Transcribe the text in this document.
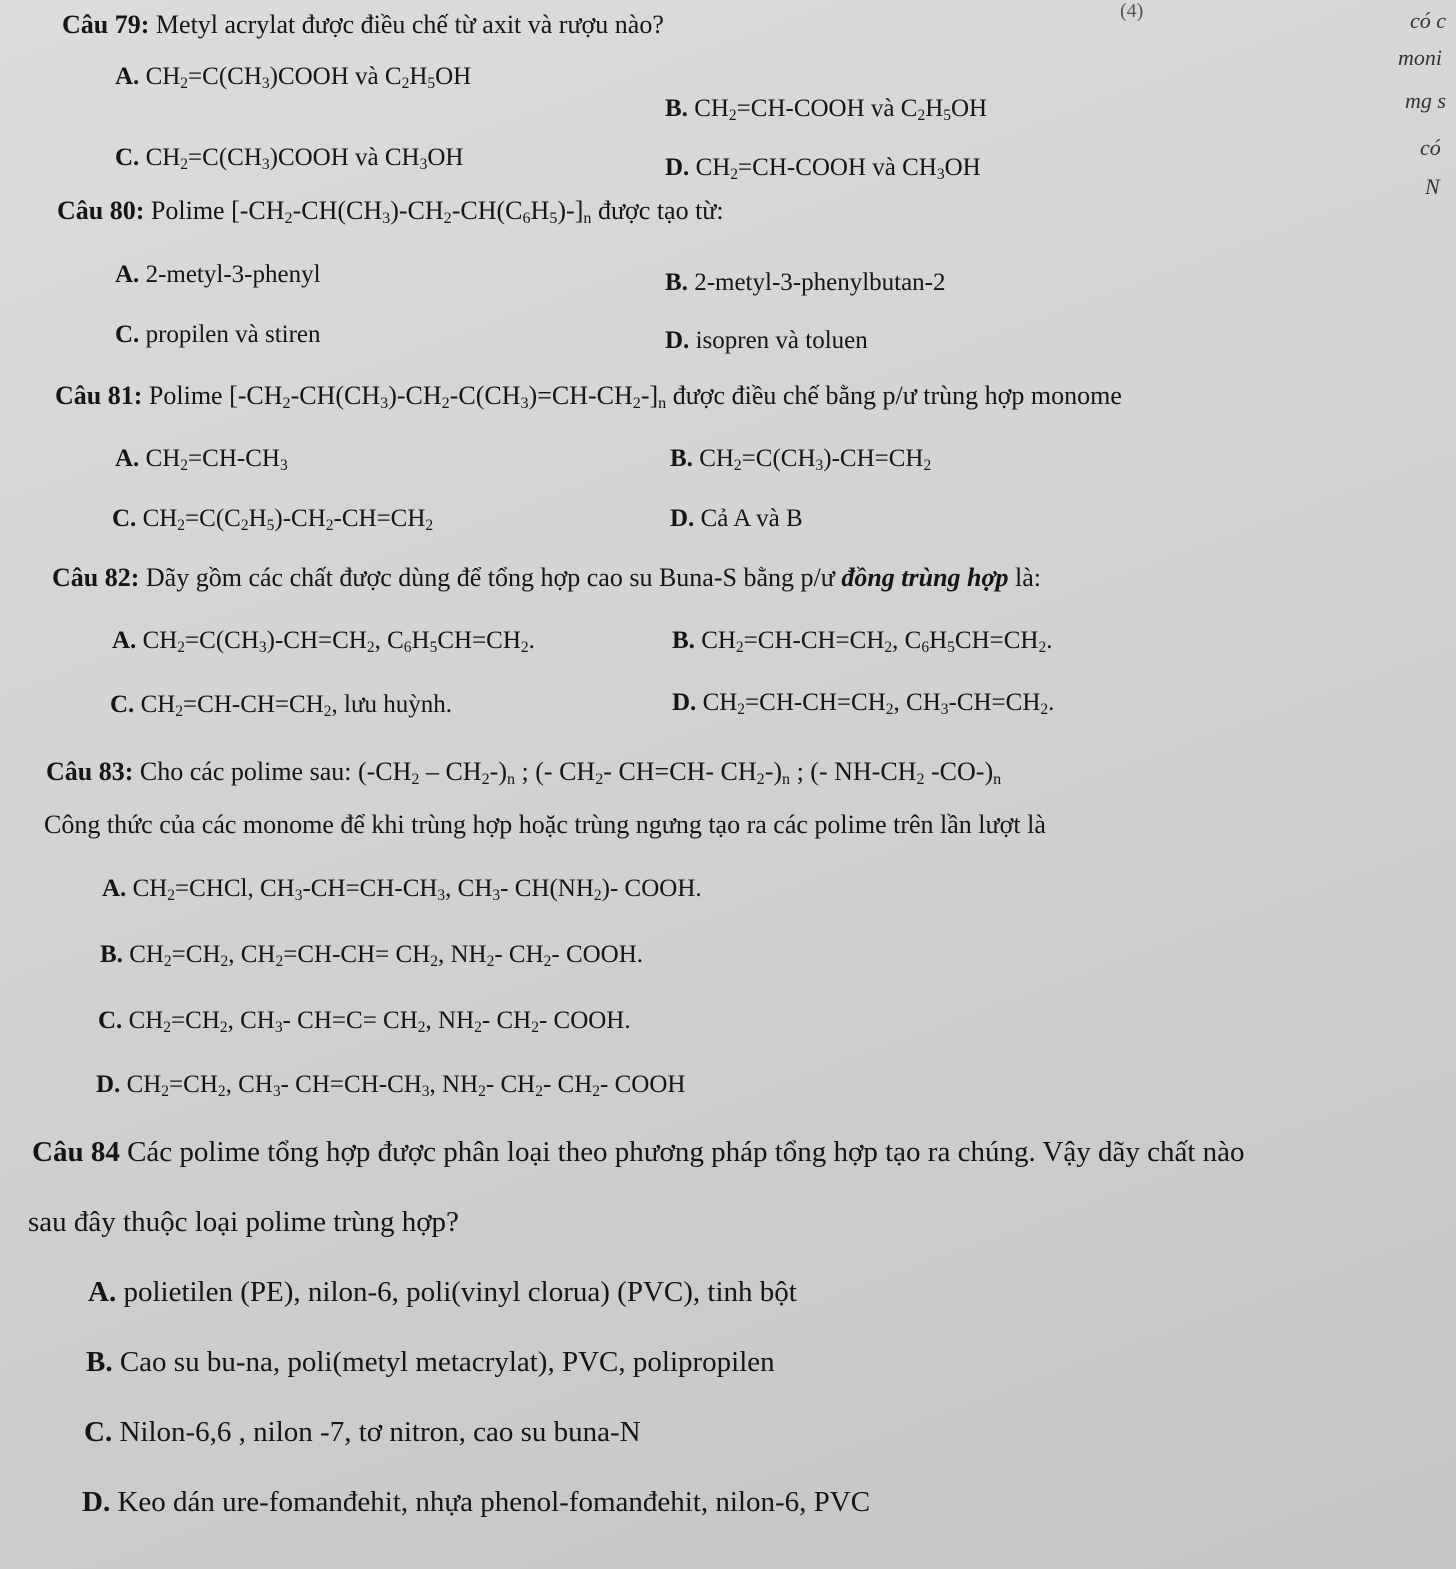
(4)	có c
moni
mg s
có
N
Câu 79: Metyl acrylat được điều chế từ axit và rượu nào?
A. $CH_2=C(CH_3)COOH$ và $C_2H_5OH$
B. $CH_2=CH$-COOH và $C_2H_5OH$
C. $CH_2=C(CH_3)COOH$ và $CH_3OH$	D. $CH_2=CH$-COOH và $CH_3OH$
Câu 80: Polime $[-CH_2-CH(CH_3)-CH_2-CH(C_6H_5)-]_n$ được tạo từ:
A. 2-metyl-3-phenyl	B. 2-metyl-3-phenylbutan-2
C. propilen và stiren	D. isopren và toluen
Câu 81: Polime $[-CH_2-CH(CH_3)-CH_2-C(CH_3)=CH-CH_2-]_n$ được điều chế bằng p/ư trùng hợp monome
A. $CH_2=CH-CH_3$	B. $CH_2=C(CH_3)-CH=CH_2$
C. $CH_2=C(C_2H_5)-CH_2-CH=CH_2$	D. Cả A và B
Câu 82: Dãy gồm các chất được dùng để tổng hợp cao su Buna-S bằng p/ư đồng trùng hợp là:
A. $CH_2=C(CH_3)-CH=CH_2$, $C_6H_5CH=CH_2$.	B. $CH_2=CH-CH=CH_2$, $C_6H_5CH=CH_2$.
C. $CH_2=CH-CH=CH_2$, lưu huỳnh.	D. $CH_2=CH-CH=CH_2$, $CH_3-CH=CH_2$.
Câu 83: Cho các polime sau: $(-CH_2 - CH_2-)_n$ ; (- $CH_2-$ CH=CH- $CH_2-)_n$ ; (- $NH-CH_2$ $-CO-)_n$
Công thức của các monome để khi trùng hợp hoặc trùng ngưng tạo ra các polime trên lần lượt là
A. $CH_2=CHCl$, $CH_3-CH=CH-CH_3$, $CH_3-$ $CH(NH_2)-$ COOH.
B. $CH_2=CH_2$, $CH_2=CH-CH= CH_2$, $NH_2-$ $CH_2-$ COOH.
C. $CH_2=CH_2$, $CH_3-$ $CH=C= CH_2$, $NH_2-$ $CH_2-$ COOH.
D. $CH_2=CH_2$, $CH_3-$ $CH=CH-CH_3$, $NH_2-$ $CH_2-$ $CH_2-$ COOH
Câu 84 Các polime tổng hợp được phân loại theo phương pháp tổng hợp tạo ra chúng. Vậy dãy chất nào
sau đây thuộc loại polime trùng hợp?
A. polietilen (PE), nilon-6, poli(vinyl clorua) (PVC), tinh bột
B. Cao su bu-na, poli(metyl metacrylat), PVC, polipropilen
C. Nilon-6,6 , nilon -7, tơ nitron, cao su buna-N
D. Keo dán ure-fomanđehit, nhựa phenol-fomanđehit, nilon-6, PVC
